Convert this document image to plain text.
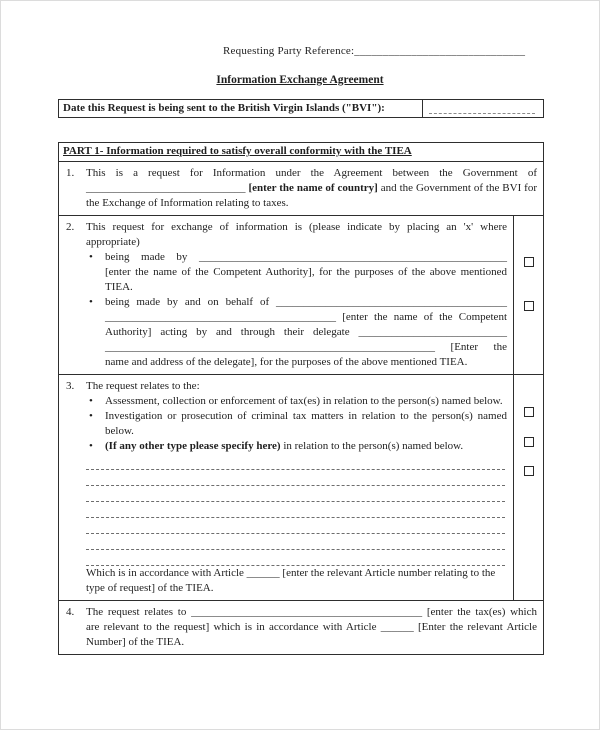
Requesting Party Reference:______________________________
Information Exchange Agreement
Date this Request is being sent to the British Virgin Islands ("BVI"):
PART 1- Information required to satisfy overall conformity with the TIEA
1. This is a request for Information under the Agreement between the Government of _____________________________ [enter the name of country] and the Government of the BVI for the Exchange of Information relating to taxes.
2. This request for exchange of information is (please indicate by placing an 'x' where appropriate)
• being made by ________________________________________________________ [enter the name of the Competent Authority], for the purposes of the above mentioned TIEA.
• being made by and on behalf of __________________________________________ __________________________________________ [enter the name of the Competent Authority] acting by and through their delegate ___________________________ ____________________________________________________________ [Enter the name and address of the delegate], for the purposes of the above mentioned TIEA.
3. The request relates to the:
• Assessment, collection or enforcement of tax(es) in relation to the person(s) named below.
• Investigation or prosecution of criminal tax matters in relation to the person(s) named below.
• (If any other type please specify here) in relation to the person(s) named below.
Which is in accordance with Article ______ [enter the relevant Article number relating to the type of request] of the TIEA.
4. The request relates to __________________________________________ [enter the tax(es) which are relevant to the request] which is in accordance with Article ______ [Enter the relevant Article Number] of the TIEA.
